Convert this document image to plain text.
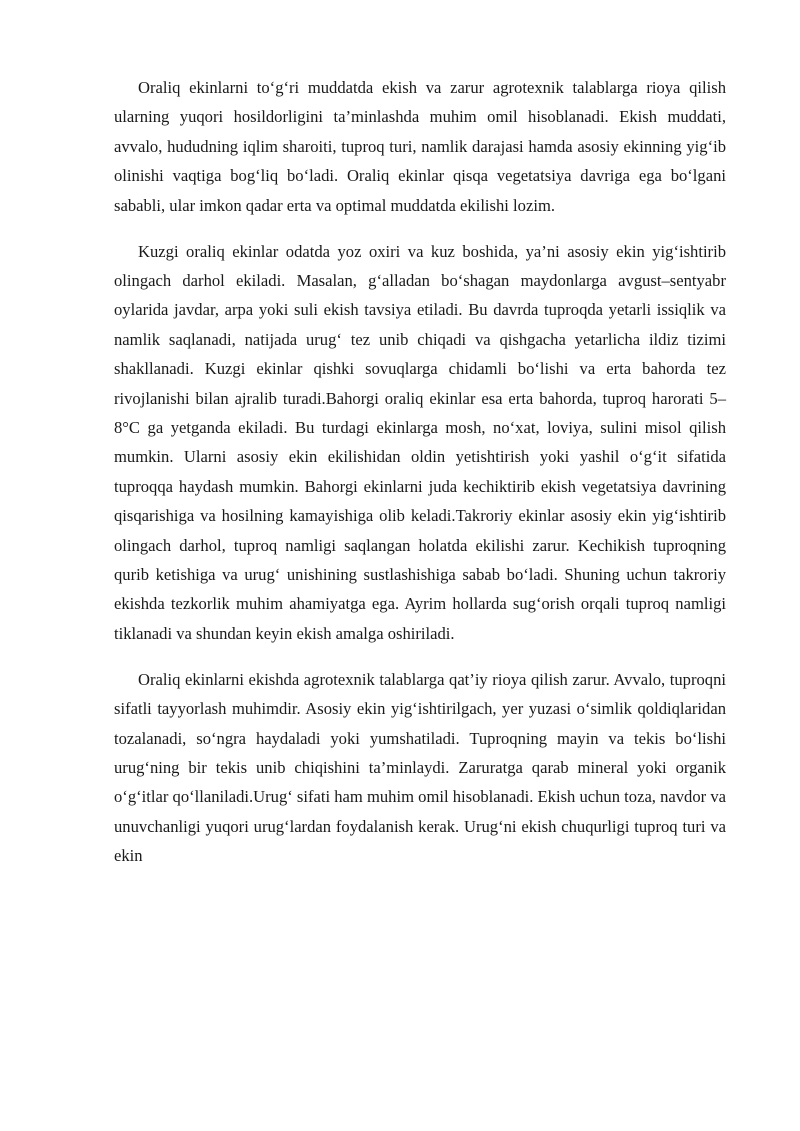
Oraliq ekinlarni to‘g‘ri muddatda ekish va zarur agrotexnik talablarga rioya qilish ularning yuqori hosildorligini ta’minlashda muhim omil hisoblanadi. Ekish muddati, avvalo, hududning iqlim sharoiti, tuproq turi, namlik darajasi hamda asosiy ekinning yig‘ib olinishi vaqtiga bog‘liq bo‘ladi. Oraliq ekinlar qisqa vegetatsiya davriga ega bo‘lgani sababli, ular imkon qadar erta va optimal muddatda ekilishi lozim.

Kuzgi oraliq ekinlar odatda yoz oxiri va kuz boshida, ya’ni asosiy ekin yig‘ishtirib olingach darhol ekiladi. Masalan, g‘alladan bo‘shagan maydonlarga avgust–sentyabr oylarida javdar, arpa yoki suli ekish tavsiya etiladi. Bu davrda tuproqda yetarli issiqlik va namlik saqlanadi, natijada urug‘ tez unib chiqadi va qishgacha yetarlicha ildiz tizimi shakllanadi. Kuzgi ekinlar qishki sovuqlarga chidamli bo‘lishi va erta bahorda tez rivojlanishi bilan ajralib turadi.Bahorgi oraliq ekinlar esa erta bahorda, tuproq harorati 5–8°C ga yetganda ekiladi. Bu turdagi ekinlarga mosh, no‘xat, loviya, sulini misol qilish mumkin. Ularni asosiy ekin ekilishidan oldin yetishtirish yoki yashil o‘g‘it sifatida tuproqqa haydash mumkin. Bahorgi ekinlarni juda kechiktirib ekish vegetatsiya davrining qisqarishiga va hosilning kamayishiga olib keladi.Takroriy ekinlar asosiy ekin yig‘ishtirib olingach darhol, tuproq namligi saqlangan holatda ekilishi zarur. Kechikish tuproqning qurib ketishiga va urug‘ unishining sustlashishiga sabab bo‘ladi. Shuning uchun takroriy ekishda tezkorlik muhim ahamiyatga ega. Ayrim hollarda sug‘orish orqali tuproq namligi tiklanadi va shundan keyin ekish amalga oshiriladi.

Oraliq ekinlarni ekishda agrotexnik talablarga qat’iy rioya qilish zarur. Avvalo, tuproqni sifatli tayyorlash muhimdir. Asosiy ekin yig‘ishtirilgach, yer yuzasi o‘simlik qoldiqlaridan tozalanadi, so‘ngra haydaladi yoki yumshatiladi. Tuproqning mayin va tekis bo‘lishi urug‘ning bir tekis unib chiqishini ta’minlaydi. Zaruratga qarab mineral yoki organik o‘g‘itlar qo‘llaniladi.Urug‘ sifati ham muhim omil hisoblanadi. Ekish uchun toza, navdor va unuvchanligi yuqori urug‘lardan foydalanish kerak. Urug‘ni ekish chuqurligi tuproq turi va ekin
